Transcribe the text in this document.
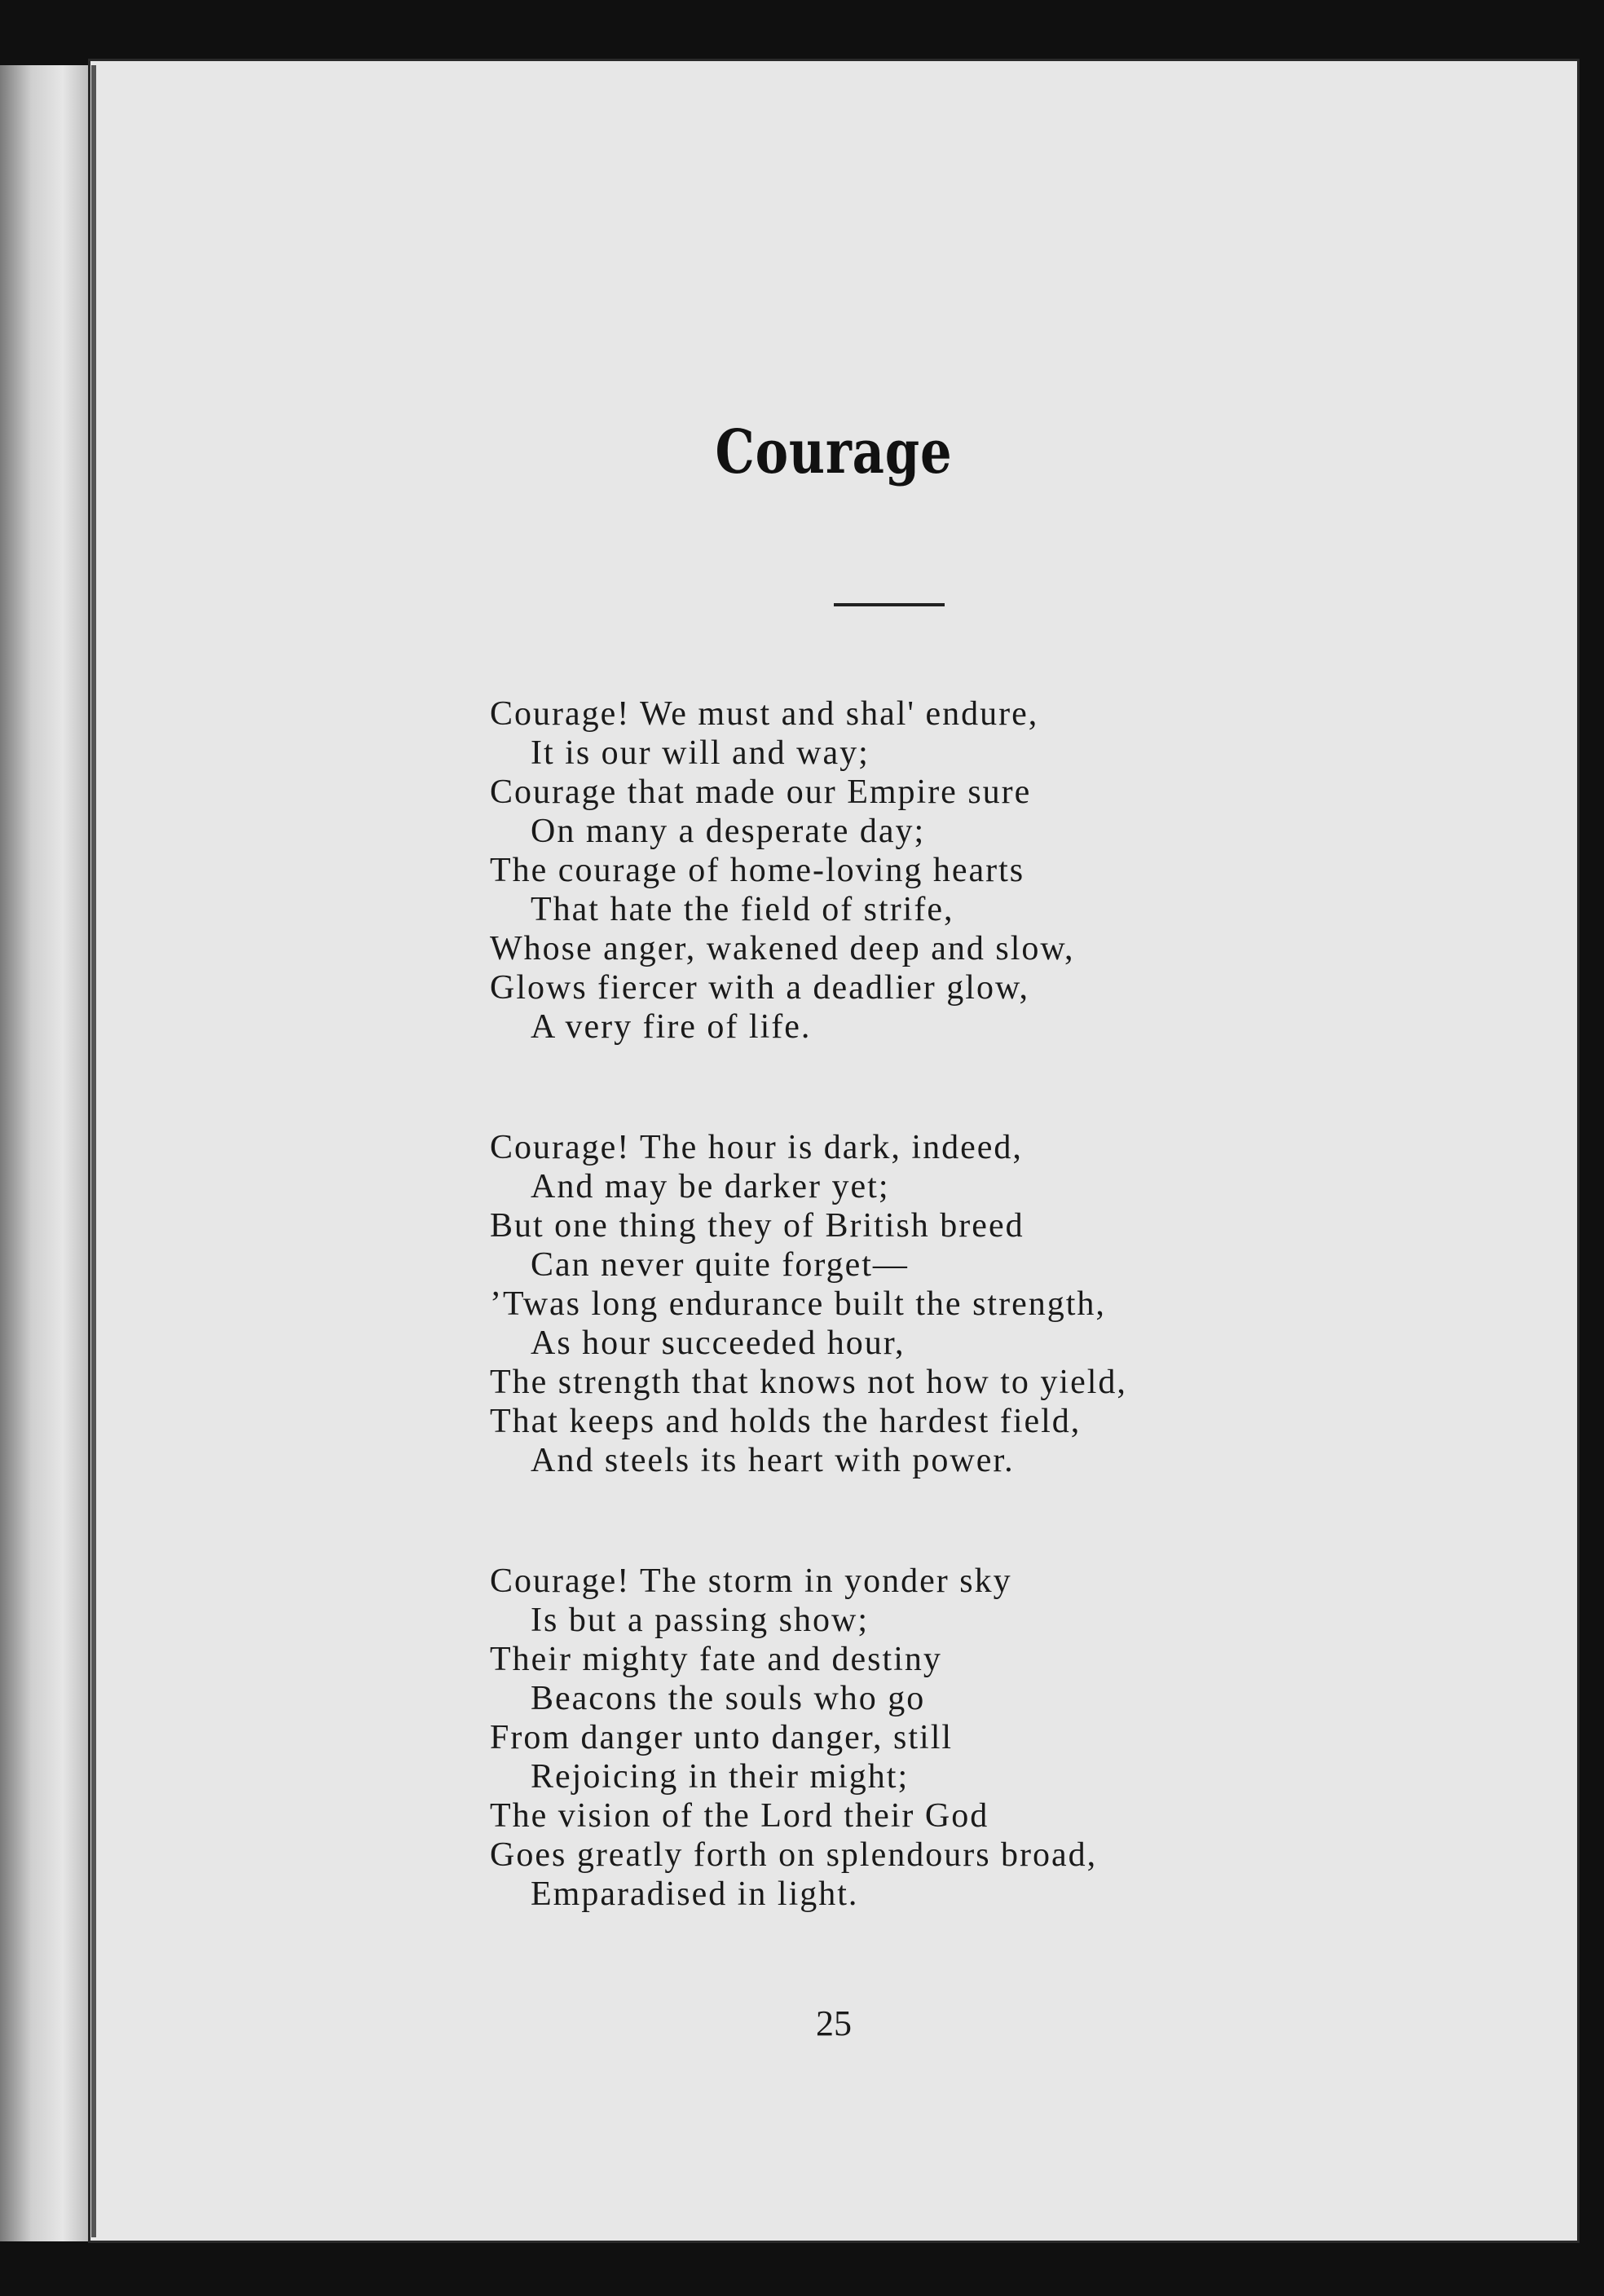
Courage
Courage! We must and shal' endure,
It is our will and way;
Courage that made our Empire sure
On many a desperate day;
The courage of home-loving hearts
That hate the field of strife,
Whose anger, wakened deep and slow,
Glows fiercer with a deadlier glow,
A very fire of life.
Courage! The hour is dark, indeed,
And may be darker yet;
But one thing they of British breed
Can never quite forget—
’Twas long endurance built the strength,
As hour succeeded hour,
The strength that knows not how to yield,
That keeps and holds the hardest field,
And steels its heart with power.
Courage! The storm in yonder sky
Is but a passing show;
Their mighty fate and destiny
Beacons the souls who go
From danger unto danger, still
Rejoicing in their might;
The vision of the Lord their God
Goes greatly forth on splendours broad,
Emparadised in light.
25
